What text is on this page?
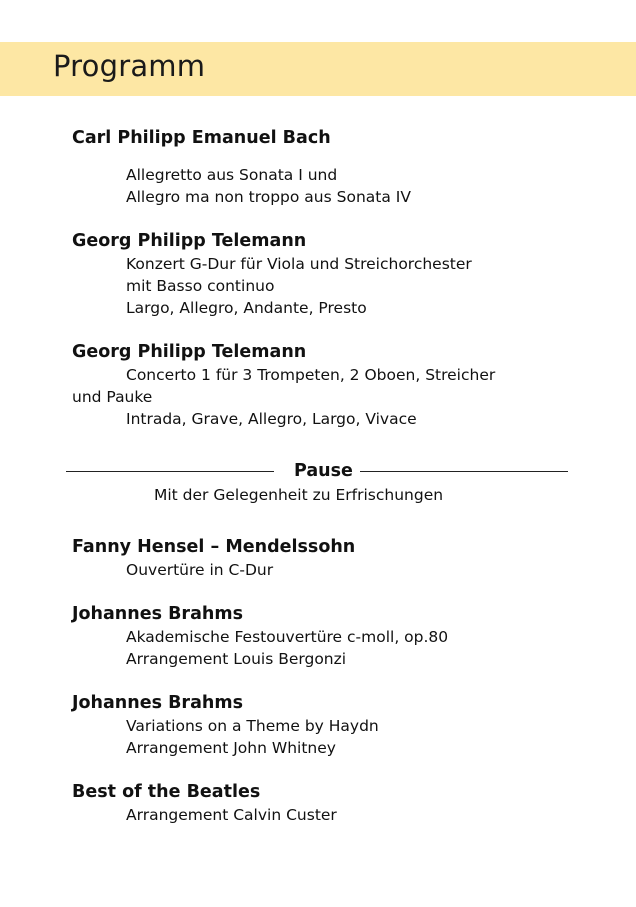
Programm
Carl Philipp Emanuel Bach
Allegretto aus Sonata I und
Allegro ma non troppo aus Sonata IV
Georg Philipp Telemann
Konzert G-Dur für Viola und Streichorchester
mit Basso continuo
Largo, Allegro, Andante, Presto
Georg Philipp Telemann
Concerto 1 für 3 Trompeten, 2 Oboen, Streicher
und Pauke
Intrada, Grave, Allegro, Largo, Vivace
Pause
Mit der Gelegenheit zu Erfrischungen
Fanny Hensel – Mendelssohn
Ouvertüre in C-Dur
Johannes Brahms
Akademische Festouvertüre c-moll, op.80
Arrangement Louis Bergonzi
Johannes Brahms
Variations on a Theme by Haydn
Arrangement John Whitney
Best of the Beatles
Arrangement Calvin Custer
